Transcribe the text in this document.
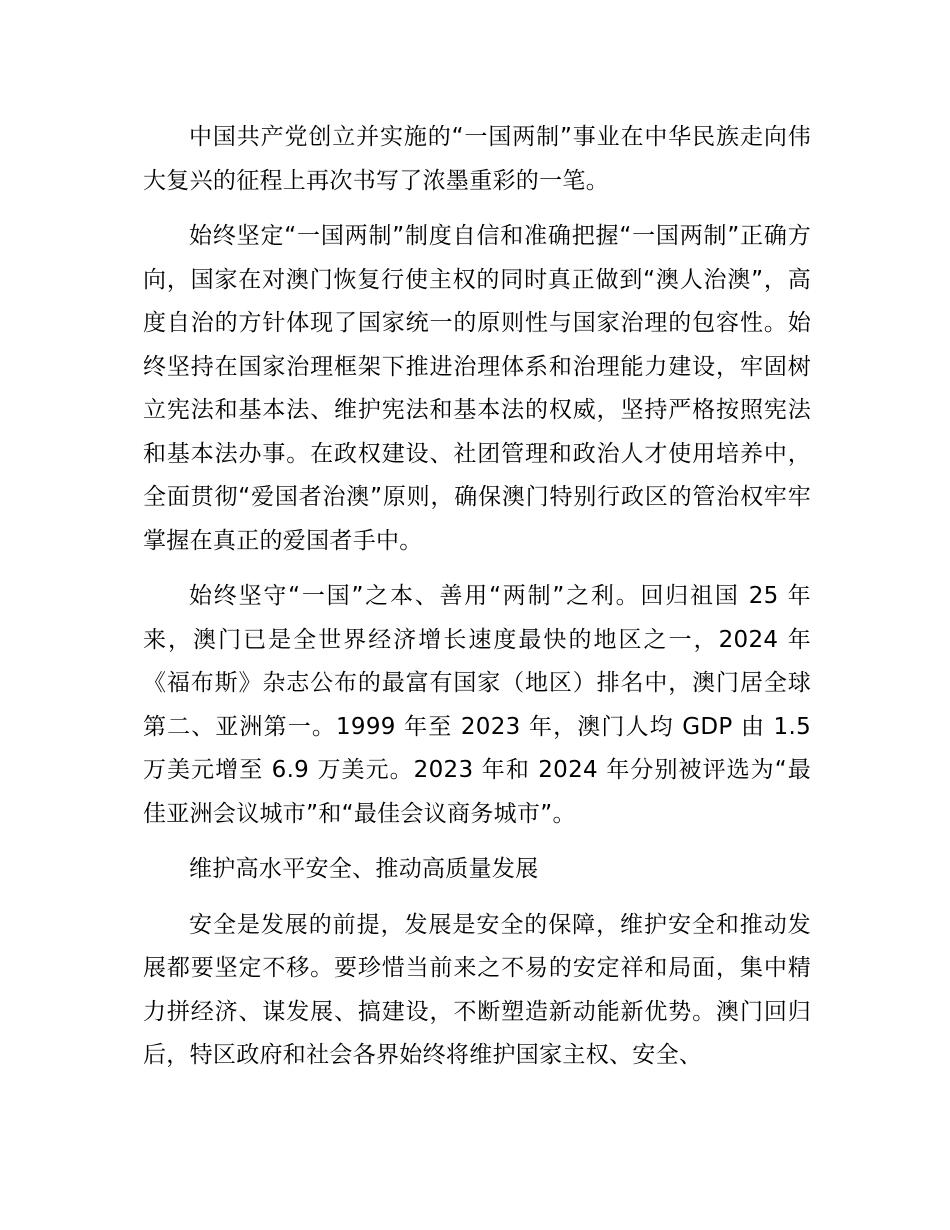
中国共产党创立并实施的“一国两制”事业在中华民族走向伟大复兴的征程上再次书写了浓墨重彩的一笔。

始终坚定“一国两制”制度自信和准确把握“一国两制”正确方向，国家在对澳门恢复行使主权的同时真正做到“澳人治澳”，高度自治的方针体现了国家统一的原则性与国家治理的包容性。始终坚持在国家治理框架下推进治理体系和治理能力建设，牢固树立宪法和基本法、维护宪法和基本法的权威，坚持严格按照宪法和基本法办事。在政权建设、社团管理和政治人才使用培养中，全面贯彻“爱国者治澳”原则，确保澳门特别行政区的管治权牢牢掌握在真正的爱国者手中。

始终坚守“一国”之本、善用“两制”之利。回归祖国 25 年来，澳门已是全世界经济增长速度最快的地区之一，2024 年《福布斯》杂志公布的最富有国家（地区）排名中，澳门居全球第二、亚洲第一。1999 年至 2023 年，澳门人均 GDP 由 1.5 万美元增至 6.9 万美元。2023 年和 2024 年分别被评选为“最佳亚洲会议城市”和“最佳会议商务城市”。

维护高水平安全、推动高质量发展

安全是发展的前提，发展是安全的保障，维护安全和推动发展都要坚定不移。要珍惜当前来之不易的安定祥和局面，集中精力拼经济、谋发展、搞建设，不断塑造新动能新优势。澳门回归后，特区政府和社会各界始终将维护国家主权、安全、
